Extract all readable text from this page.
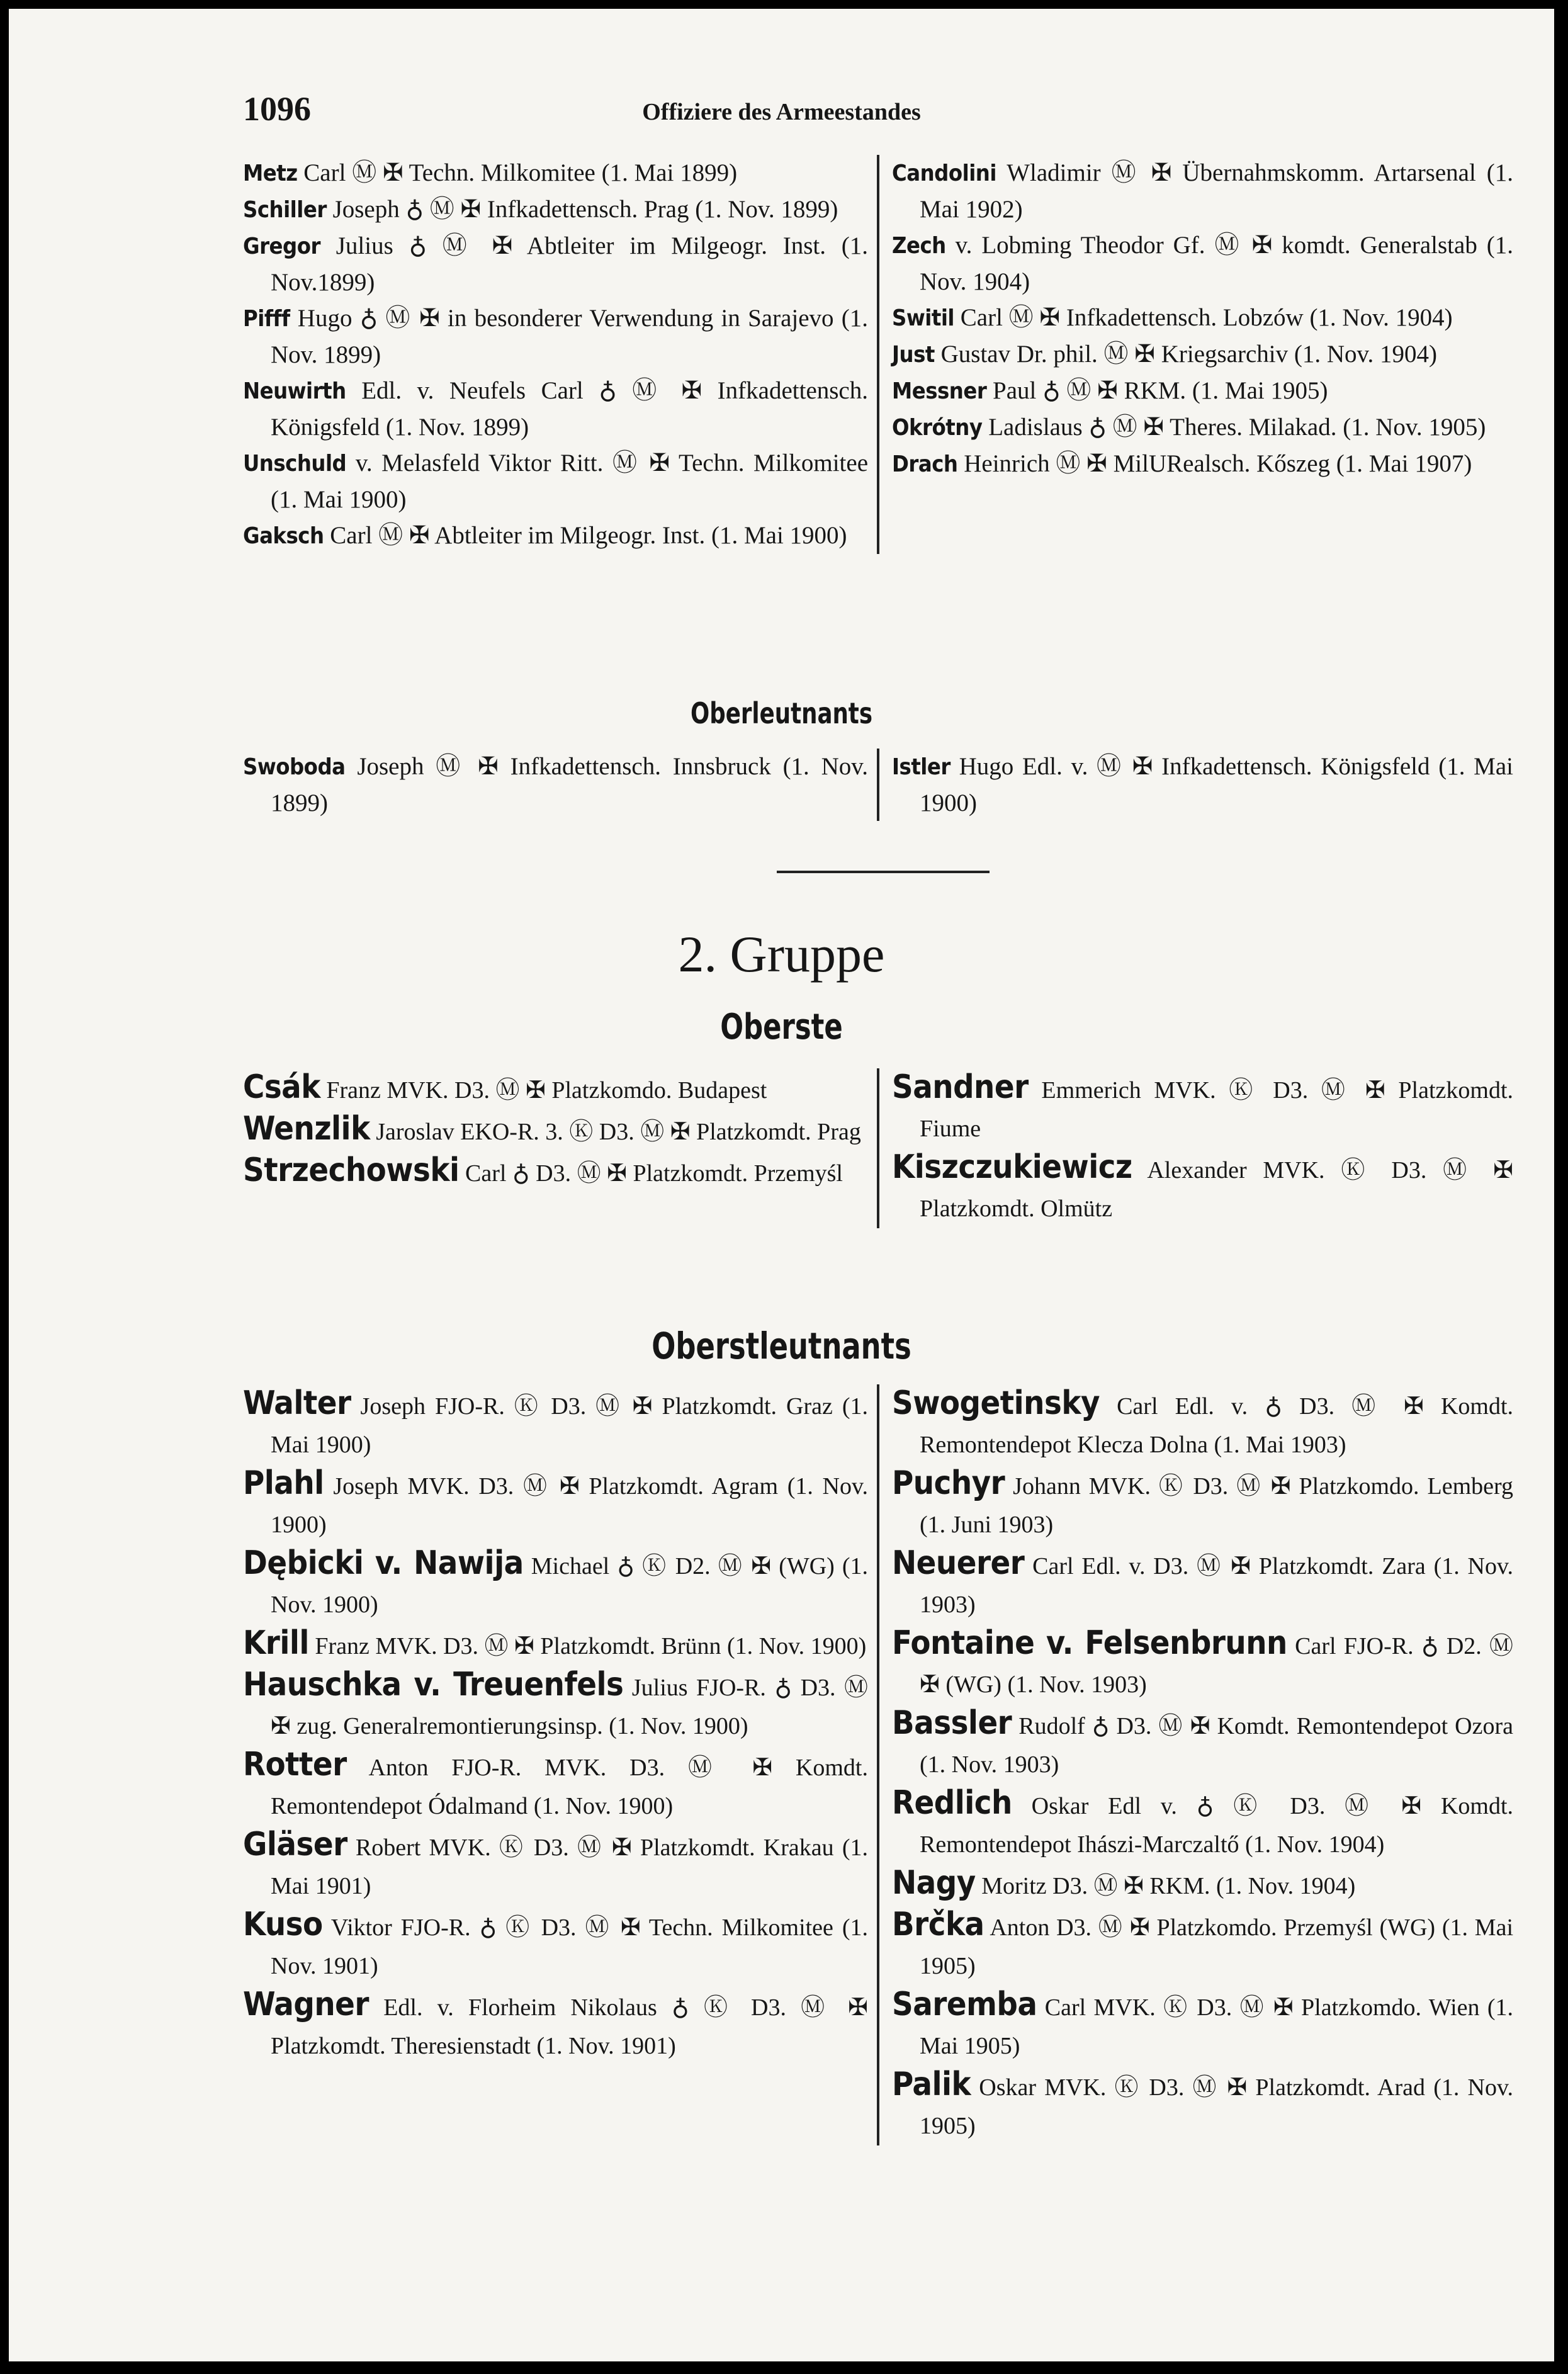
1096	Offiziere des Armeestandes
Metz Carl Ⓜ ✠ Techn. Milkomitee (1. Mai 1899)
Schiller Joseph ♁ Ⓜ ✠ Infkadettensch. Prag (1. Nov. 1899)
Gregor Julius ♁ Ⓜ ✠ Abtleiter im Milgeogr. Inst. (1. Nov.1899)
Pifff Hugo ♁ Ⓜ ✠ in besonderer Verwendung in Sarajevo (1. Nov. 1899)
Neuwirth Edl. v. Neufels Carl ♁ Ⓜ ✠ Infkadettensch. Königsfeld (1. Nov. 1899)
Unschuld v. Melasfeld Viktor Ritt. Ⓜ ✠ Techn. Milkomitee (1. Mai 1900)
Gaksch Carl Ⓜ ✠ Abtleiter im Milgeogr. Inst. (1. Mai 1900)
Candolini Wladimir Ⓜ ✠ Übernahmskomm. Artarsenal (1. Mai 1902)
Zech v. Lobming Theodor Gf. Ⓜ ✠ komdt. Generalstab (1. Nov. 1904)
Switil Carl Ⓜ ✠ Infkadettensch. Lobzów (1. Nov. 1904)
Just Gustav Dr. phil. Ⓜ ✠ Kriegsarchiv (1. Nov. 1904)
Messner Paul ♁ Ⓜ ✠ RKM. (1. Mai 1905)
Okrótny Ladislaus ♁ Ⓜ ✠ Theres. Milakad. (1. Nov. 1905)
Drach Heinrich Ⓜ ✠ MilURealsch. Kőszeg (1. Mai 1907)
Oberleutnants
Swoboda Joseph Ⓜ ✠ Infkadettensch. Innsbruck (1. Nov. 1899)
Istler Hugo Edl. v. Ⓜ ✠ Infkadettensch. Königsfeld (1. Mai 1900)
2. Gruppe
Oberste
Csák Franz MVK. D3. Ⓜ ✠ Platzkomdo. Budapest
Wenzlik Jaroslav EKO-R. 3. Ⓚ D3. Ⓜ ✠ Platzkomdt. Prag
Strzechowski Carl ♁ D3. Ⓜ ✠ Platzkomdt. Przemyśl
Sandner Emmerich MVK. Ⓚ D3. Ⓜ ✠ Platzkomdt. Fiume
Kiszczukiewicz Alexander MVK. Ⓚ D3. Ⓜ ✠ Platzkomdt. Olmütz
Oberstleutnants
Walter Joseph FJO-R. Ⓚ D3. Ⓜ ✠ Platzkomdt. Graz (1. Mai 1900)
Plahl Joseph MVK. D3. Ⓜ ✠ Platzkomdt. Agram (1. Nov. 1900)
Dębicki v. Nawija Michael ♁ Ⓚ D2. Ⓜ ✠ (WG) (1. Nov. 1900)
Krill Franz MVK. D3. Ⓜ ✠ Platzkomdt. Brünn (1. Nov. 1900)
Hauschka v. Treuenfels Julius FJO-R. ♁ D3. Ⓜ ✠ zug. Generalremontierungsinsp. (1. Nov. 1900)
Rotter Anton FJO-R. MVK. D3. Ⓜ ✠ Komdt. Remontendepot Ódalmand (1. Nov. 1900)
Gläser Robert MVK. Ⓚ D3. Ⓜ ✠ Platzkomdt. Krakau (1. Mai 1901)
Kuso Viktor FJO-R. ♁ Ⓚ D3. Ⓜ ✠ Techn. Milkomitee (1. Nov. 1901)
Wagner Edl. v. Florheim Nikolaus ♁ Ⓚ D3. Ⓜ ✠ Platzkomdt. Theresienstadt (1. Nov. 1901)
Swogetinsky Carl Edl. v. ♁ D3. Ⓜ ✠ Komdt. Remontendepot Klecza Dolna (1. Mai 1903)
Puchyr Johann MVK. Ⓚ D3. Ⓜ ✠ Platzkomdo. Lemberg (1. Juni 1903)
Neuerer Carl Edl. v. D3. Ⓜ ✠ Platzkomdt. Zara (1. Nov. 1903)
Fontaine v. Felsenbrunn Carl FJO-R. ♁ D2. Ⓜ ✠ (WG) (1. Nov. 1903)
Bassler Rudolf ♁ D3. Ⓜ ✠ Komdt. Remontendepot Ozora (1. Nov. 1903)
Redlich Oskar Edl v. ♁ Ⓚ D3. Ⓜ ✠ Komdt. Remontendepot Ihászi-Marczaltő (1. Nov. 1904)
Nagy Moritz D3. Ⓜ ✠ RKM. (1. Nov. 1904)
Brčka Anton D3. Ⓜ ✠ Platzkomdo. Przemyśl (WG) (1. Mai 1905)
Saremba Carl MVK. Ⓚ D3. Ⓜ ✠ Platzkomdo. Wien (1. Mai 1905)
Palik Oskar MVK. Ⓚ D3. Ⓜ ✠ Platzkomdt. Arad (1. Nov. 1905)
